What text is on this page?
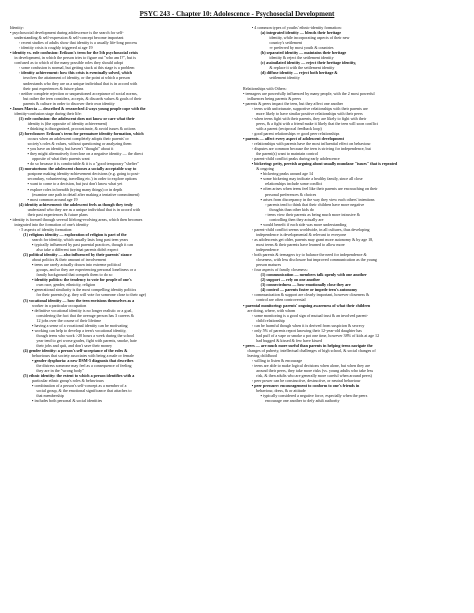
PSYC 243 - Chapter 10: Adolescence - Psychosocial Development
Identity:
• psychosocial development during adolescence is the search for self-
understanding & self-expression & self-concept become important
◦ recent studies of adults show that identity is a usually life-long process
◦ identity crisis is roughly triggered at age 19
• identity vs. role confusion: Erikson's term for the 5th psychosocial crisis
in development, in which the person tries to figure out "who am I?", but is
confused as to which of the many possible roles they should adopt
◦ some confusion is normal, but getting stuck at this stage is a problem
◦ identity achievement: how this crisis is eventually solved, which
involves the attainment of identity, or the point at which a person
understands who they are as a unique individual that is in accord with
their past experiences & future plans
◦ neither complete rejection or unquestioned acceptance of social norms,
but rather the teen considers, accepts, & discards values & goals of their
parents & culture in order to discover their own identity
• James Marcia — described & researched 4 ways young people cope with the
identity-confusion stage during their life:
(1) role confusion: the adolescent does not know or care what their
identity is (the opposite of identity achievement)
▪ thinking is disorganized, procrastinate, & avoid issues & actions
(2) foreclosure: Erikson's term for premature identity formation, which
occurs when an adolescent completely adopts their parents' or
society's roles & values, without questioning or analyzing them
▪ you have an identity, but haven't "thought" about it
▪ they might alternatively foreclose on a negative identity — the direct
opposite of what their parents want
▪ do so because it is comfortable & it is a "good temporary "shelter"
(3) moratorium: the adolescent chooses a socially acceptable way to
postpone making identity-achievement decisions (e.g. going to post-
secondary, volunteering, travelling etc.) in order to explore options
▪ want to come to a decision, but just don't know what yet
▪ explore roles in breadth (trying many things) or in depth
(examine one path in detail after making a tentative commitment)
▪ most common around age 19
(4) identity achievement: the adolescent feels as though they truly
understand who they are as a unique individual that is in accord with
their past experiences & future plans
• identity is formed through several lifelong-evolving areas, which then becomes
integrated into the formation of one's identity
◦ 5 aspects of identity formation:
(1) religious identity — exploration of religion is part of the
search for identity, which usually lasts long past teen years
▪ typically influenced by past parental practices, though it can
also take a different turn that parents didn't expect
(2) political identity — also influenced by their parents' stance
about politics & their amount of involvement
▪ teens are rarely actually drawn into extreme political
groups, and so they are experiencing personal loneliness or a
family background that compels them to do so
• identity politics: the tendency to vote for people of one's
own race, gender, ethnicity, religion
▪ generational similarity is the most compelling identity politics
for their parents (e.g. they will vote for someone close to their age)
(3) vocational identity — how the teen envisions themselves as a
worker in a particular occupation
▪ definitive vocational identity is no longer realistic or a goal,
considering the fact that the average person has 3 careers &
12 jobs over the course of their lifetime
▪ having a sense of a vocational identity can be motivating
▪ working can help to develop a teen's vocational identity,
though teens who work >20 hours a week during the school
year tend to get worse grades, fight with parents, smoke, hate
their jobs and quit, and don't save their money
(4) gender identity: a person's self-acceptance of the roles &
behaviours that society associates with being a male or female
• gender dysphoria: a new DSM-5 diagnosis that describes
the distress someone may feel as a consequence of feeling
they are in the "wrong body"
(5) ethnic identity: the extent to which a person identifies with a
particular ethnic group's roles & behaviours
▪ combination of a person's self-concept as a member of a
social group, & the emotional significance that attaches to
that membership
▪ includes both personal & social identities
• 4 common types of youths' ethnic-identity formation:
(a) integrated identity — blends their heritage
identity, while incorporating aspects of their new
country's settlement
⇒ preferred by most youth & countries
(b) separated identity — maintains their heritage
identity & reject the settlement identity
(c) assimilated identity — reject their heritage identity,
& replace it with the settlement identity
(d) diffuse identity — reject both heritage &
settlement identity
Relationships with Others:
• teenagers are powerfully influenced by many people, with the 2 most powerful
influences being parents & peers
• parents & peers impact the teen, but they affect one another
◦ teens with unfortunate, supportive relationships with their parents are
more likely to have similar positive relationships with their peers
◦ when teens fight with their parents, they are likely to fight with their
peers, & a fight with a friend make it likely that the teen will soon conflict
with a parent (reciprocal feedback loop)
◦ good parent relationships ⇒ good peer relationships
• parents — affect every aspect of adolescent development
◦ relationships with parents have the most influential effect on behaviour
◦ disputes are common because the teen is striving for independence, but
the parent(s) want to maintain control
◦ parent-child conflict peaks during early adolescence
• bickering: petty, peevish arguing about usually mundane "issues" that is repeated
& ongoing
▪ bickering peaks around age 14
▪ some bickering may indicate a healthy family, since all close
relationships include some conflict
▪ often arises when teens feel like their parents are encroaching on their
personal preferences & choices
▪ arises from discrepancy in the way they view each others' intentions
◦ parents tend to think that their children have more negative
thoughts than other kids do
◦ teens view their parents as being much more intrusive &
controlling then they actually are
▪ would benefit if each side was more understanding
◦ parent-child conflict seems worldwide, in all cultures, thus developing
independence is developmental & relevant to everyone
◦ as adolescents get older, parents may grant more autonomy & by age 18,
most teens & their parents have learned to allow more
independence
◦ both parents & teenagers try to balance the need for independence &
closeness, with less disclosure but improved communication as the young
person matures
◦ four aspects of family closeness:
(1) communication — members talk openly with one another
(2) support — rely on one another
(3) connectedness — how emotionally close they are
(4) control — parents foster or impede teen's autonomy
◦ communication & support are clearly important, however closeness &
control are often controversial
• parental monitoring: parents' ongoing awareness of what their children
are doing, where, with whom
◦ some monitoring is a good sign of mutual trust & an involved parent-
child relationship
◦ can be harmful though when it is derived from suspicion & secrecy
◦ only 5% of parents report knowing their 12-year-old daughter has
had puff of a vape or smoke a pot one time, however 38% of kids at age 12
had bugged & kissed & few have kissed
• peers — are much more useful than parents in helping teens navigate the
changes of puberty, intellectual challenges of high school, & social changes of
leaving childhood
◦ willing to listen & encourage
◦ teens are able to make logical decisions when alone, but when they are
around their peers, they take more risks (vs. young adults who take less
risk, & then adults who are generally more careful when around peers)
◦ peer power can be constructive, destructive, or neutral behaviour
• peer pressure: encouragement to conform to one's friends in
behaviour, dress, & or attitude
▪ typically considered a negative force, especially when the peers
encourage one another to defy adult authority
